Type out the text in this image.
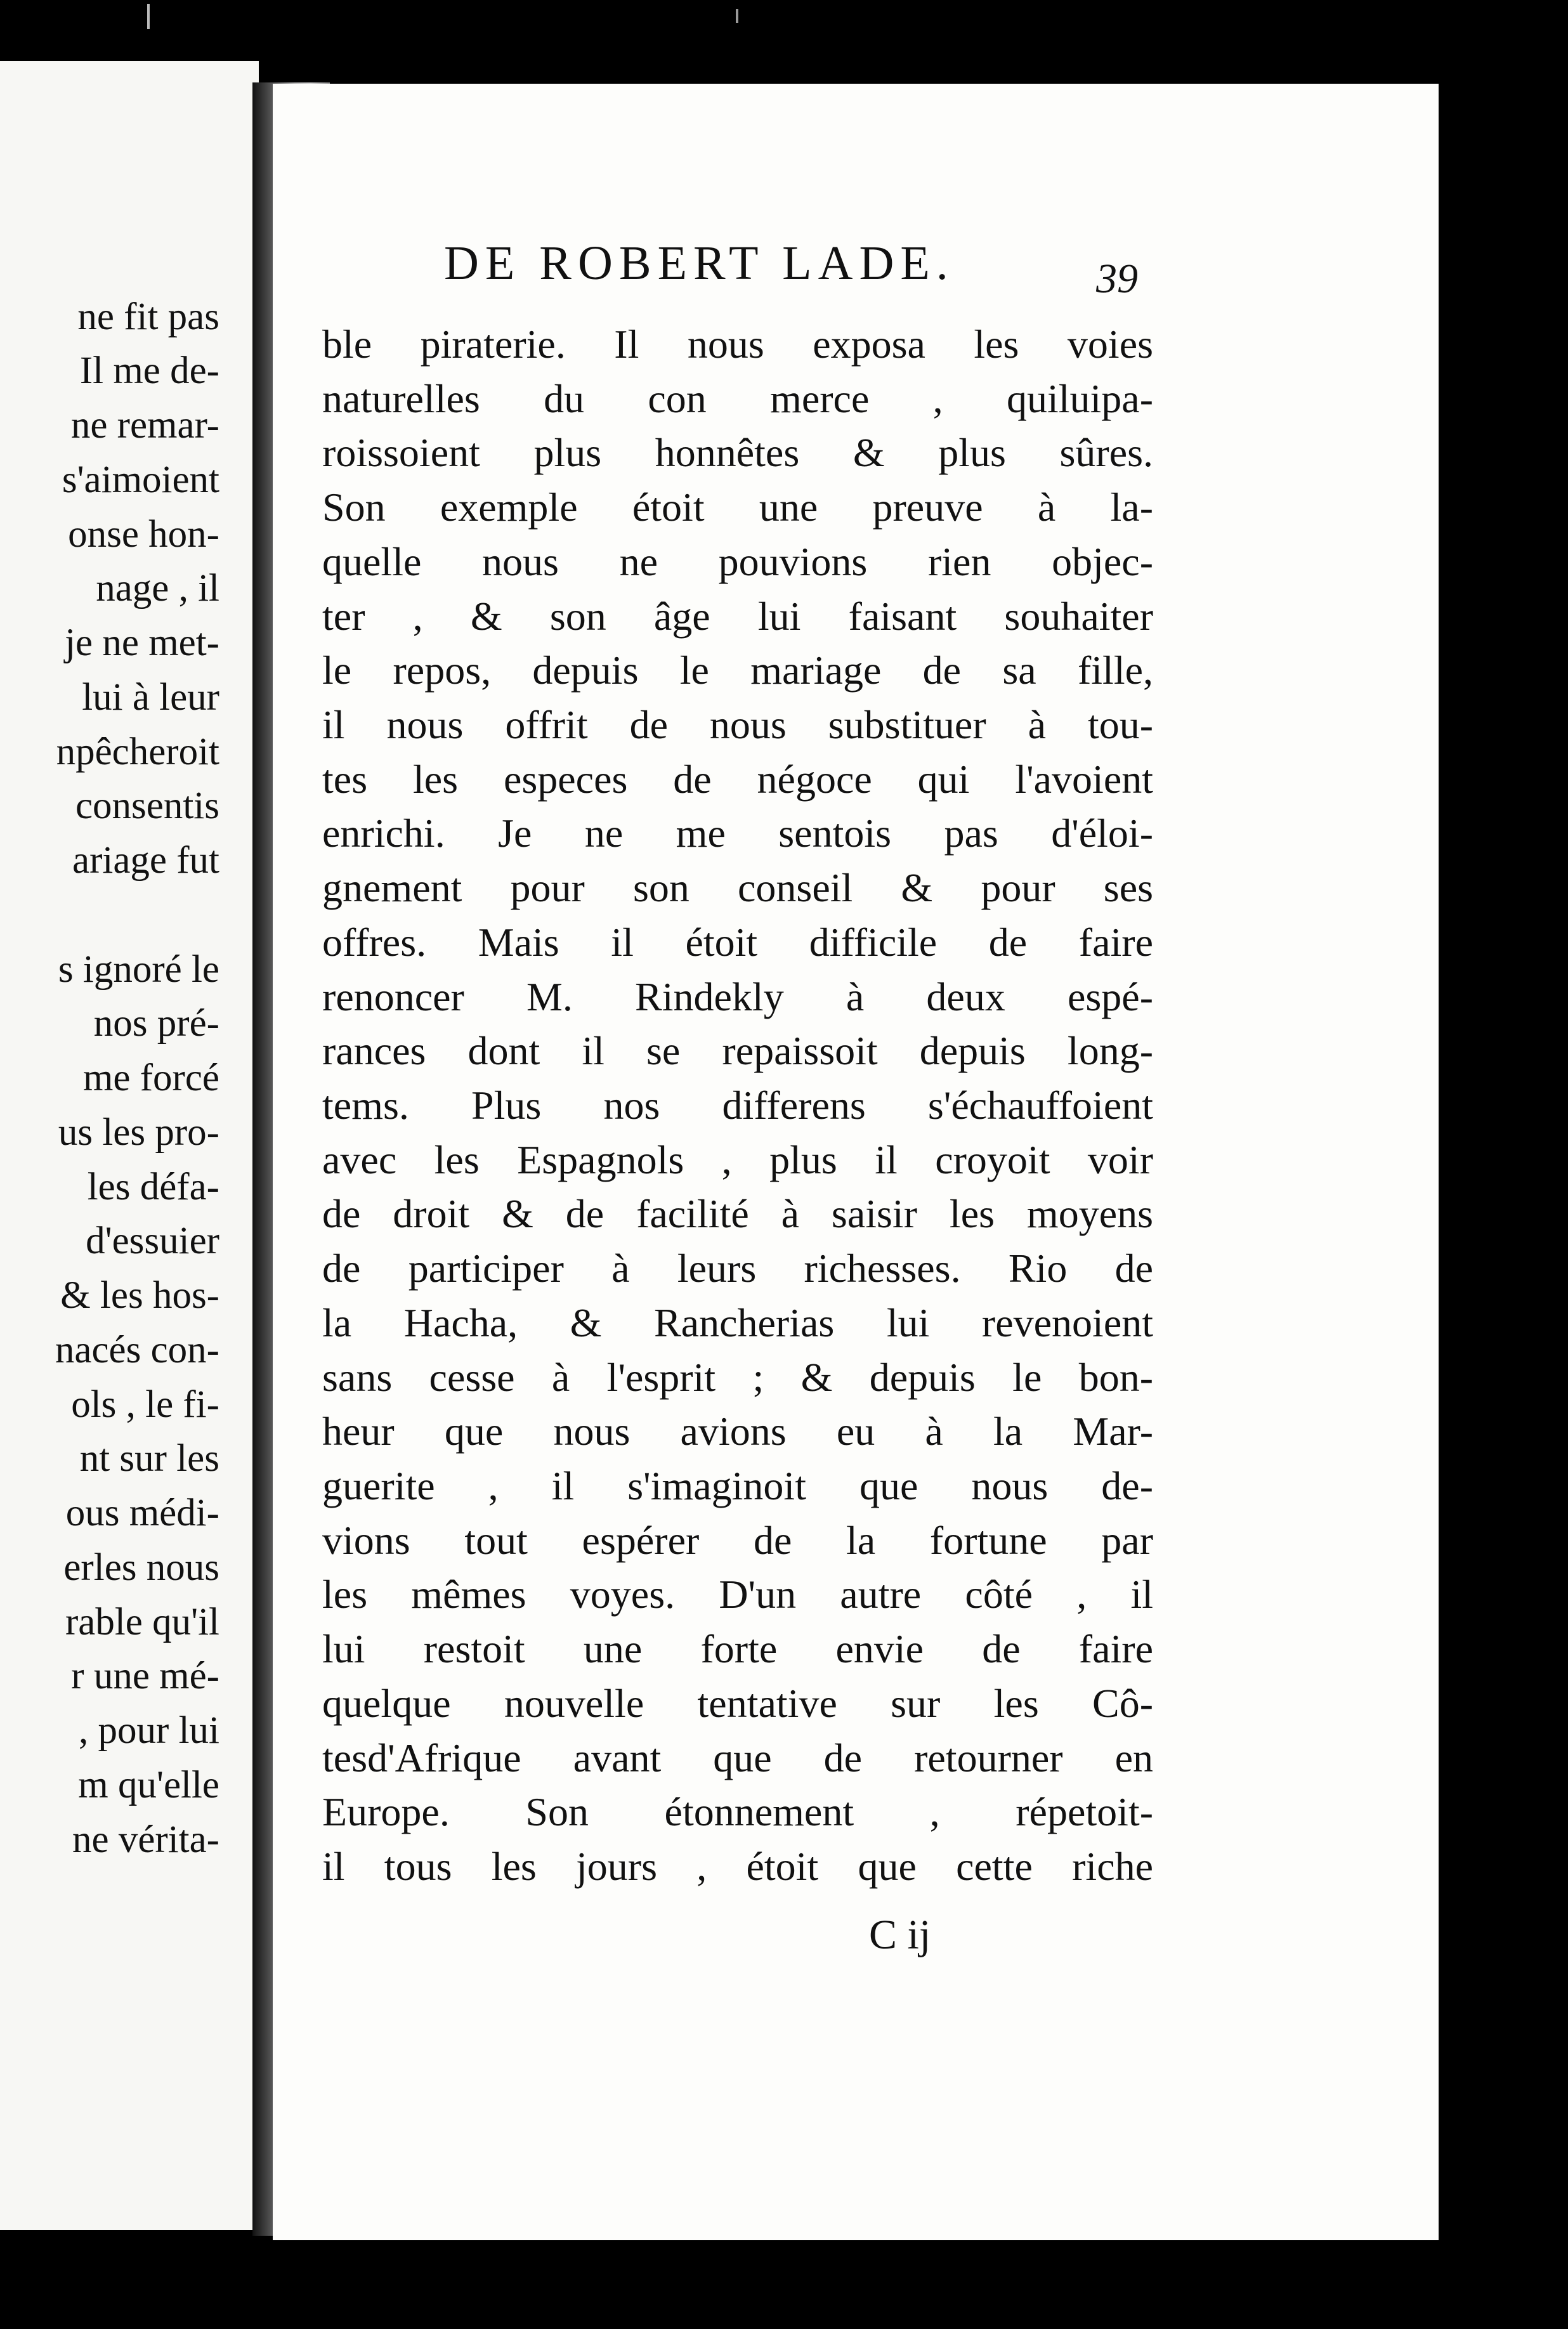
ne fit pas
Il me de-
ne remar-
s'aimoient
onse hon-
nage , il
je ne met-
lui à leur
npêcheroit
consentis
ariage fut
s ignoré le
nos pré-
me forcé
us les pro-
les défa-
d'essuier
& les hos-
nacés con-
ols , le fi-
nt sur les
ous médi-
erles nous
rable qu'il
r une mé-
, pour lui
m qu'elle
ne vérita-
DE ROBERT LADE.	39
ble piraterie. Il nous exposa les voies
naturelles du con merce , quiluipa-
roissoient plus honnêtes & plus sûres.
Son exemple étoit une preuve à la-
quelle nous ne pouvions rien objec-
ter , & son âge lui faisant souhaiter
le repos, depuis le mariage de sa fille,
il nous offrit de nous substituer à tou-
tes les especes de négoce qui l'avoient
enrichi. Je ne me sentois pas d'éloi-
gnement pour son conseil & pour ses
offres. Mais il étoit difficile de faire
renoncer M. Rindekly à deux espé-
rances dont il se repaissoit depuis long-
tems. Plus nos differens s'échauffoient
avec les Espagnols , plus il croyoit voir
de droit & de facilité à saisir les moyens
de participer à leurs richesses. Rio de
la Hacha, & Rancherias lui revenoient
sans cesse à l'esprit ; & depuis le bon-
heur que nous avions eu à la Mar-
guerite , il s'imaginoit que nous de-
vions tout espérer de la fortune par
les mêmes voyes. D'un autre côté , il
lui restoit une forte envie de faire
quelque nouvelle tentative sur les Cô-
tesd'Afrique avant que de retourner en
Europe. Son étonnement , répetoit-
il tous les jours , étoit que cette riche
C ij
